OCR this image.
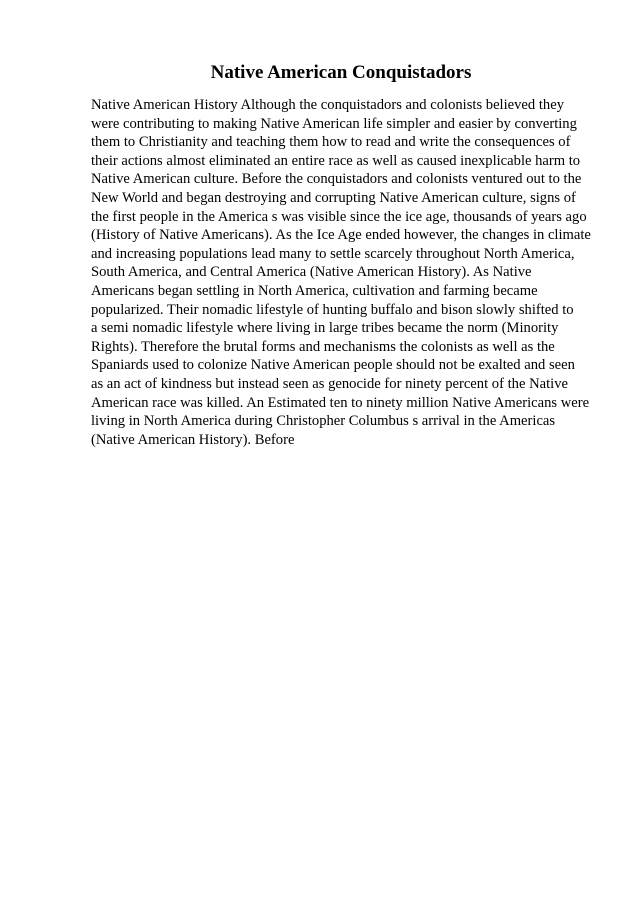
Native American Conquistadors
Native American History Although the conquistadors and colonists believed they
were contributing to making Native American life simpler and easier by converting
them to Christianity and teaching them how to read and write the consequences of
their actions almost eliminated an entire race as well as caused inexplicable harm to
Native American culture. Before the conquistadors and colonists ventured out to the
New World and began destroying and corrupting Native American culture, signs of
the first people in the America s was visible since the ice age, thousands of years ago
(History of Native Americans). As the Ice Age ended however, the changes in climate
and increasing populations lead many to settle scarcely throughout North America,
South America, and Central America (Native American History). As Native
Americans began settling in North America, cultivation and farming became
popularized. Their nomadic lifestyle of hunting buffalo and bison slowly shifted to
a semi nomadic lifestyle where living in large tribes became the norm (Minority
Rights). Therefore the brutal forms and mechanisms the colonists as well as the
Spaniards used to colonize Native American people should not be exalted and seen
as an act of kindness but instead seen as genocide for ninety percent of the Native
American race was killed. An Estimated ten to ninety million Native Americans were
living in North America during Christopher Columbus s arrival in the Americas
(Native American History). Before
